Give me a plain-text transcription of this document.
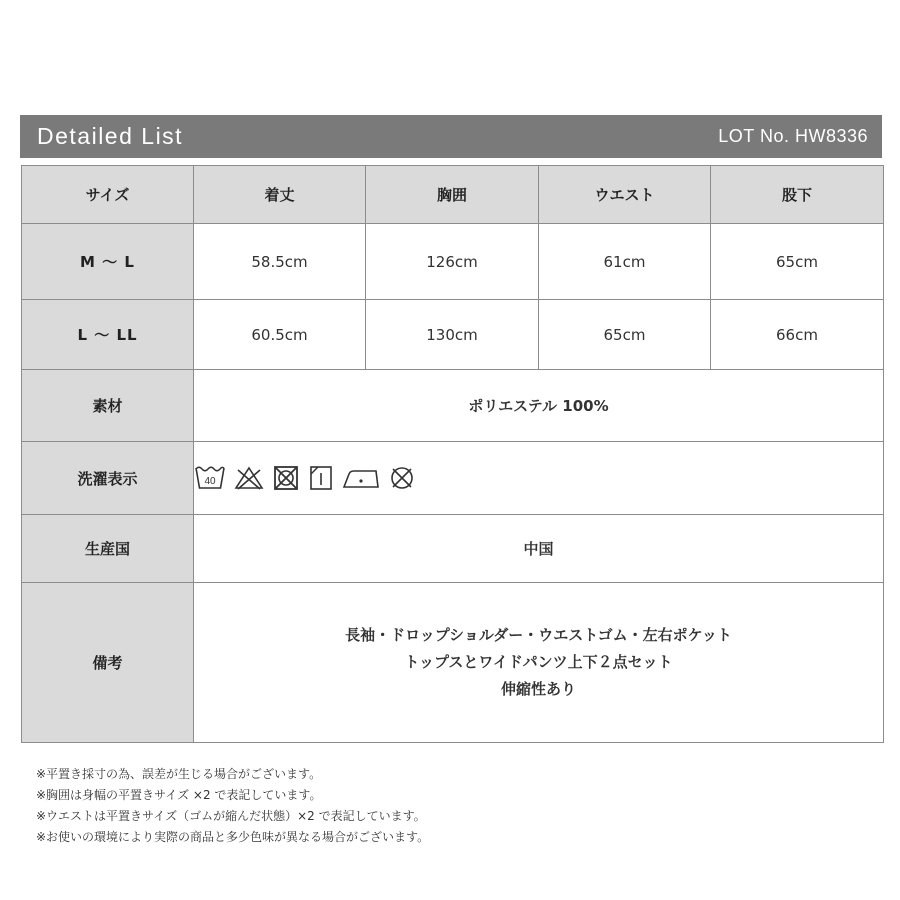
Detailed List	LOT No. HW8336
サイズ	着丈	胸囲	ウエスト	股下
M ～ L	58.5cm	126cm	61cm	65cm
L ～ LL	60.5cm	130cm	65cm	66cm
素材	ポリエステル 100%			
洗濯表示	40			

生産国	中国			
備考	長袖・ドロップショルダー・ウエストゴム・左右ポケット
トップスとワイドパンツ上下２点セット
伸縮性あり			
※平置き採寸の為、誤差が生じる場合がございます。
※胸囲は身幅の平置きサイズ ×2 で表記しています。
※ウエストは平置きサイズ（ゴムが縮んだ状態）×2 で表記しています。
※お使いの環境により実際の商品と多少色味が異なる場合がございます。
